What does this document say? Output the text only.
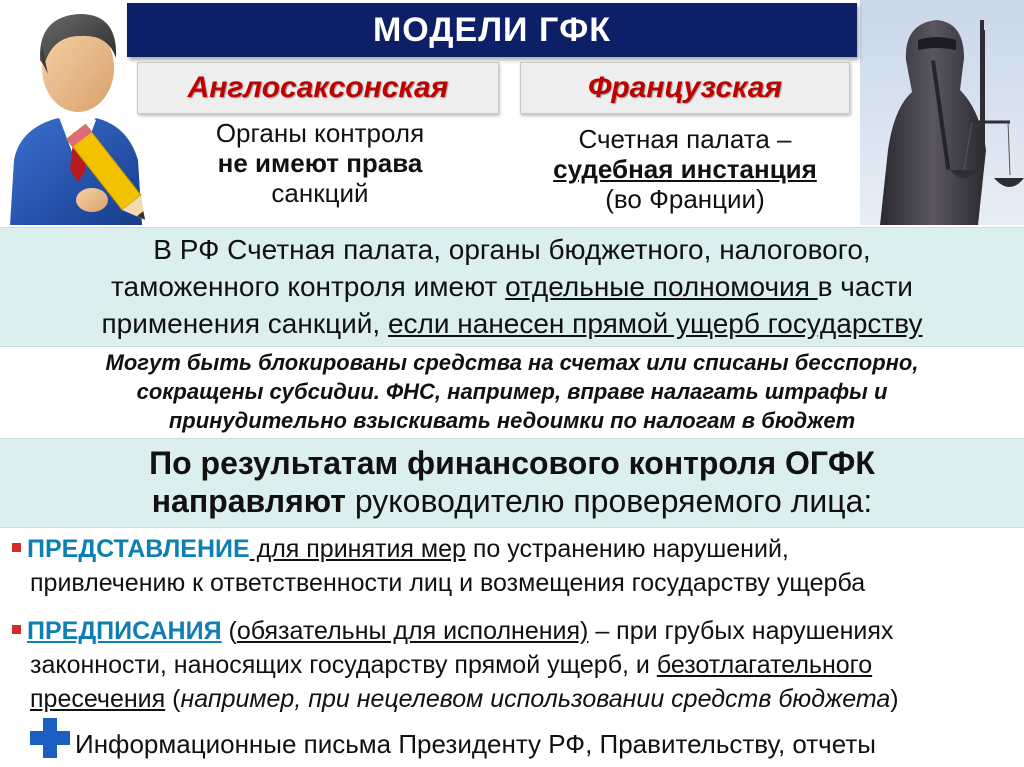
МОДЕЛИ ГФК
Англосаксонская	Французская
Органы контроля
не имеют права
санкций
Счетная палата –
судебная инстанция
(во Франции)
В РФ Счетная палата, органы бюджетного, налогового,
таможенного контроля имеют отдельные полномочия в части
применения санкций, если нанесен прямой ущерб государству
Могут быть блокированы средства на счетах или списаны бесспорно,
сокращены субсидии. ФНС, например, вправе налагать штрафы и
принудительно взыскивать недоимки по налогам в бюджет
По результатам финансового контроля ОГФК
направляют руководителю проверяемого лица:
ПРЕДСТАВЛЕНИЕ для принятия мер по устранению нарушений,
привлечению к ответственности лиц и возмещения государству ущерба
ПРЕДПИСАНИЯ (обязательны для исполнения) – при грубых нарушениях
законности, наносящих государству прямой ущерб, и безотлагательного
пресечения (например, при нецелевом использовании средств бюджета)
Информационные письма Президенту РФ, Правительству, отчеты
